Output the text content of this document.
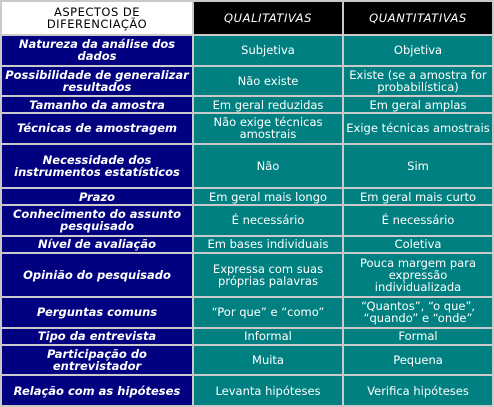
ASPECTOS DE DIFERENCIAÇÃO	QUALITATIVAS	QUANTITATIVAS
Natureza da análise dos dados	Subjetiva	Objetiva
Possibilidade de generalizar resultados	Não existe	Existe (se a amostra for probabilística)
Tamanho da amostra	Em geral reduzidas	Em geral amplas
Técnicas de amostragem	Não exige técnicas amostrais	Exige técnicas amostrais
Necessidade dos instrumentos estatísticos	Não	Sim
Prazo	Em geral mais longo	Em geral mais curto
Conhecimento do assunto pesquisado	É necessário	É necessário
Nível de avaliação	Em bases individuais	Coletiva
Opinião do pesquisado	Expressa com suas próprias palavras	Pouca margem para expressão individualizada
Perguntas comuns	“Por que” e “como”	“Quantos”, “o que”, “quando” e “onde”
Tipo da entrevista	Informal	Formal
Participação do entrevistador	Muita	Pequena
Relação com as hipóteses	Levanta hipóteses	Verifica hipóteses
